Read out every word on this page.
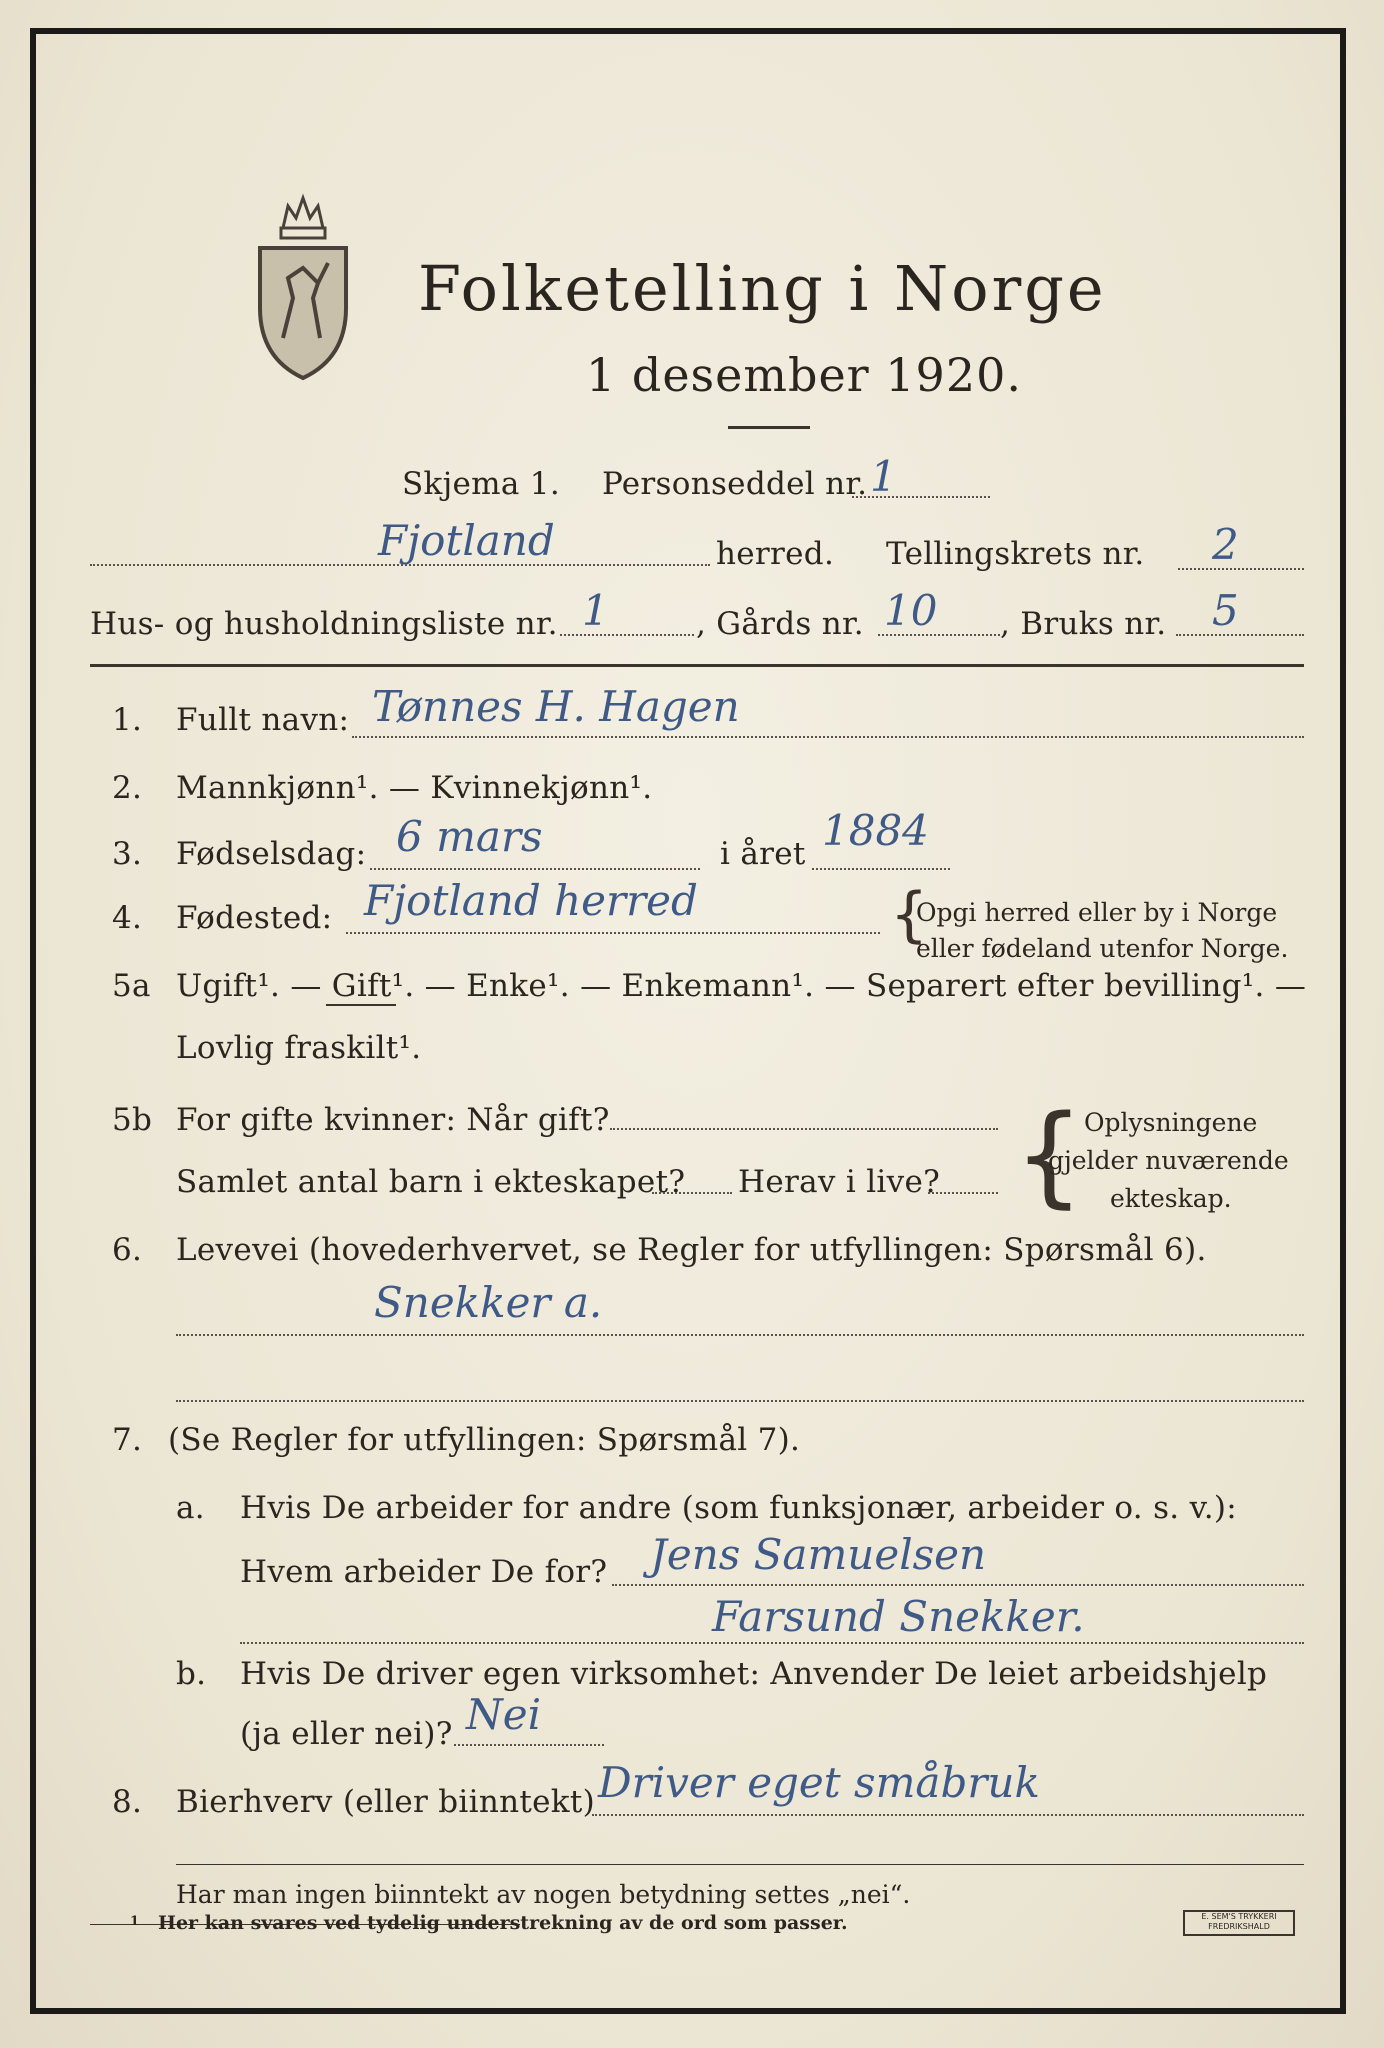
Folketelling i Norge
1 desember 1920.
Skjema 1. Personseddel nr. 1
Fjotland	herred. Tellingskrets nr. 2
Hus- og husholdningsliste nr. 1	, Gårds nr. 10 , Bruks nr. 5
1. Fullt navn: Tønnes H. Hagen
2. Mannkjønn¹. — Kvinnekjønn¹.
3. Fødselsdag: 6 mars	i året 1884
4. Fødested: Fjotland herred	{
Opgi herred eller by i Norge
eller fødeland utenfor Norge.
5a Ugift¹. — Gift¹. — Enke¹. — Enkemann¹. — Separert efter bevilling¹. —
Lovlig fraskilt¹.
5b For gifte kvinner: Når gift?
Samlet antal barn i ekteskapet? Herav i live? { Oplysningene
gjelder nuværende
ekteskap.
6. Levevei (hovederhvervet, se Regler for utfyllingen: Spørsmål 6).
Snekker a.
7. (Se Regler for utfyllingen: Spørsmål 7).
a. Hvis De arbeider for andre (som funksjonær, arbeider o. s. v.):
Hvem arbeider De for? Jens Samuelsen
Farsund Snekker.
b. Hvis De driver egen virksomhet: Anvender De leiet arbeidshjelp
(ja eller nei)? Nei
8. Bierhverv (eller biinntekt) Driver eget småbruk
Har man ingen biinntekt av nogen betydning settes „nei“.
1 Her kan svares ved tydelig understrekning av de ord som passer.	E. SEM'S TRYKKERI FREDRIKSHALD
